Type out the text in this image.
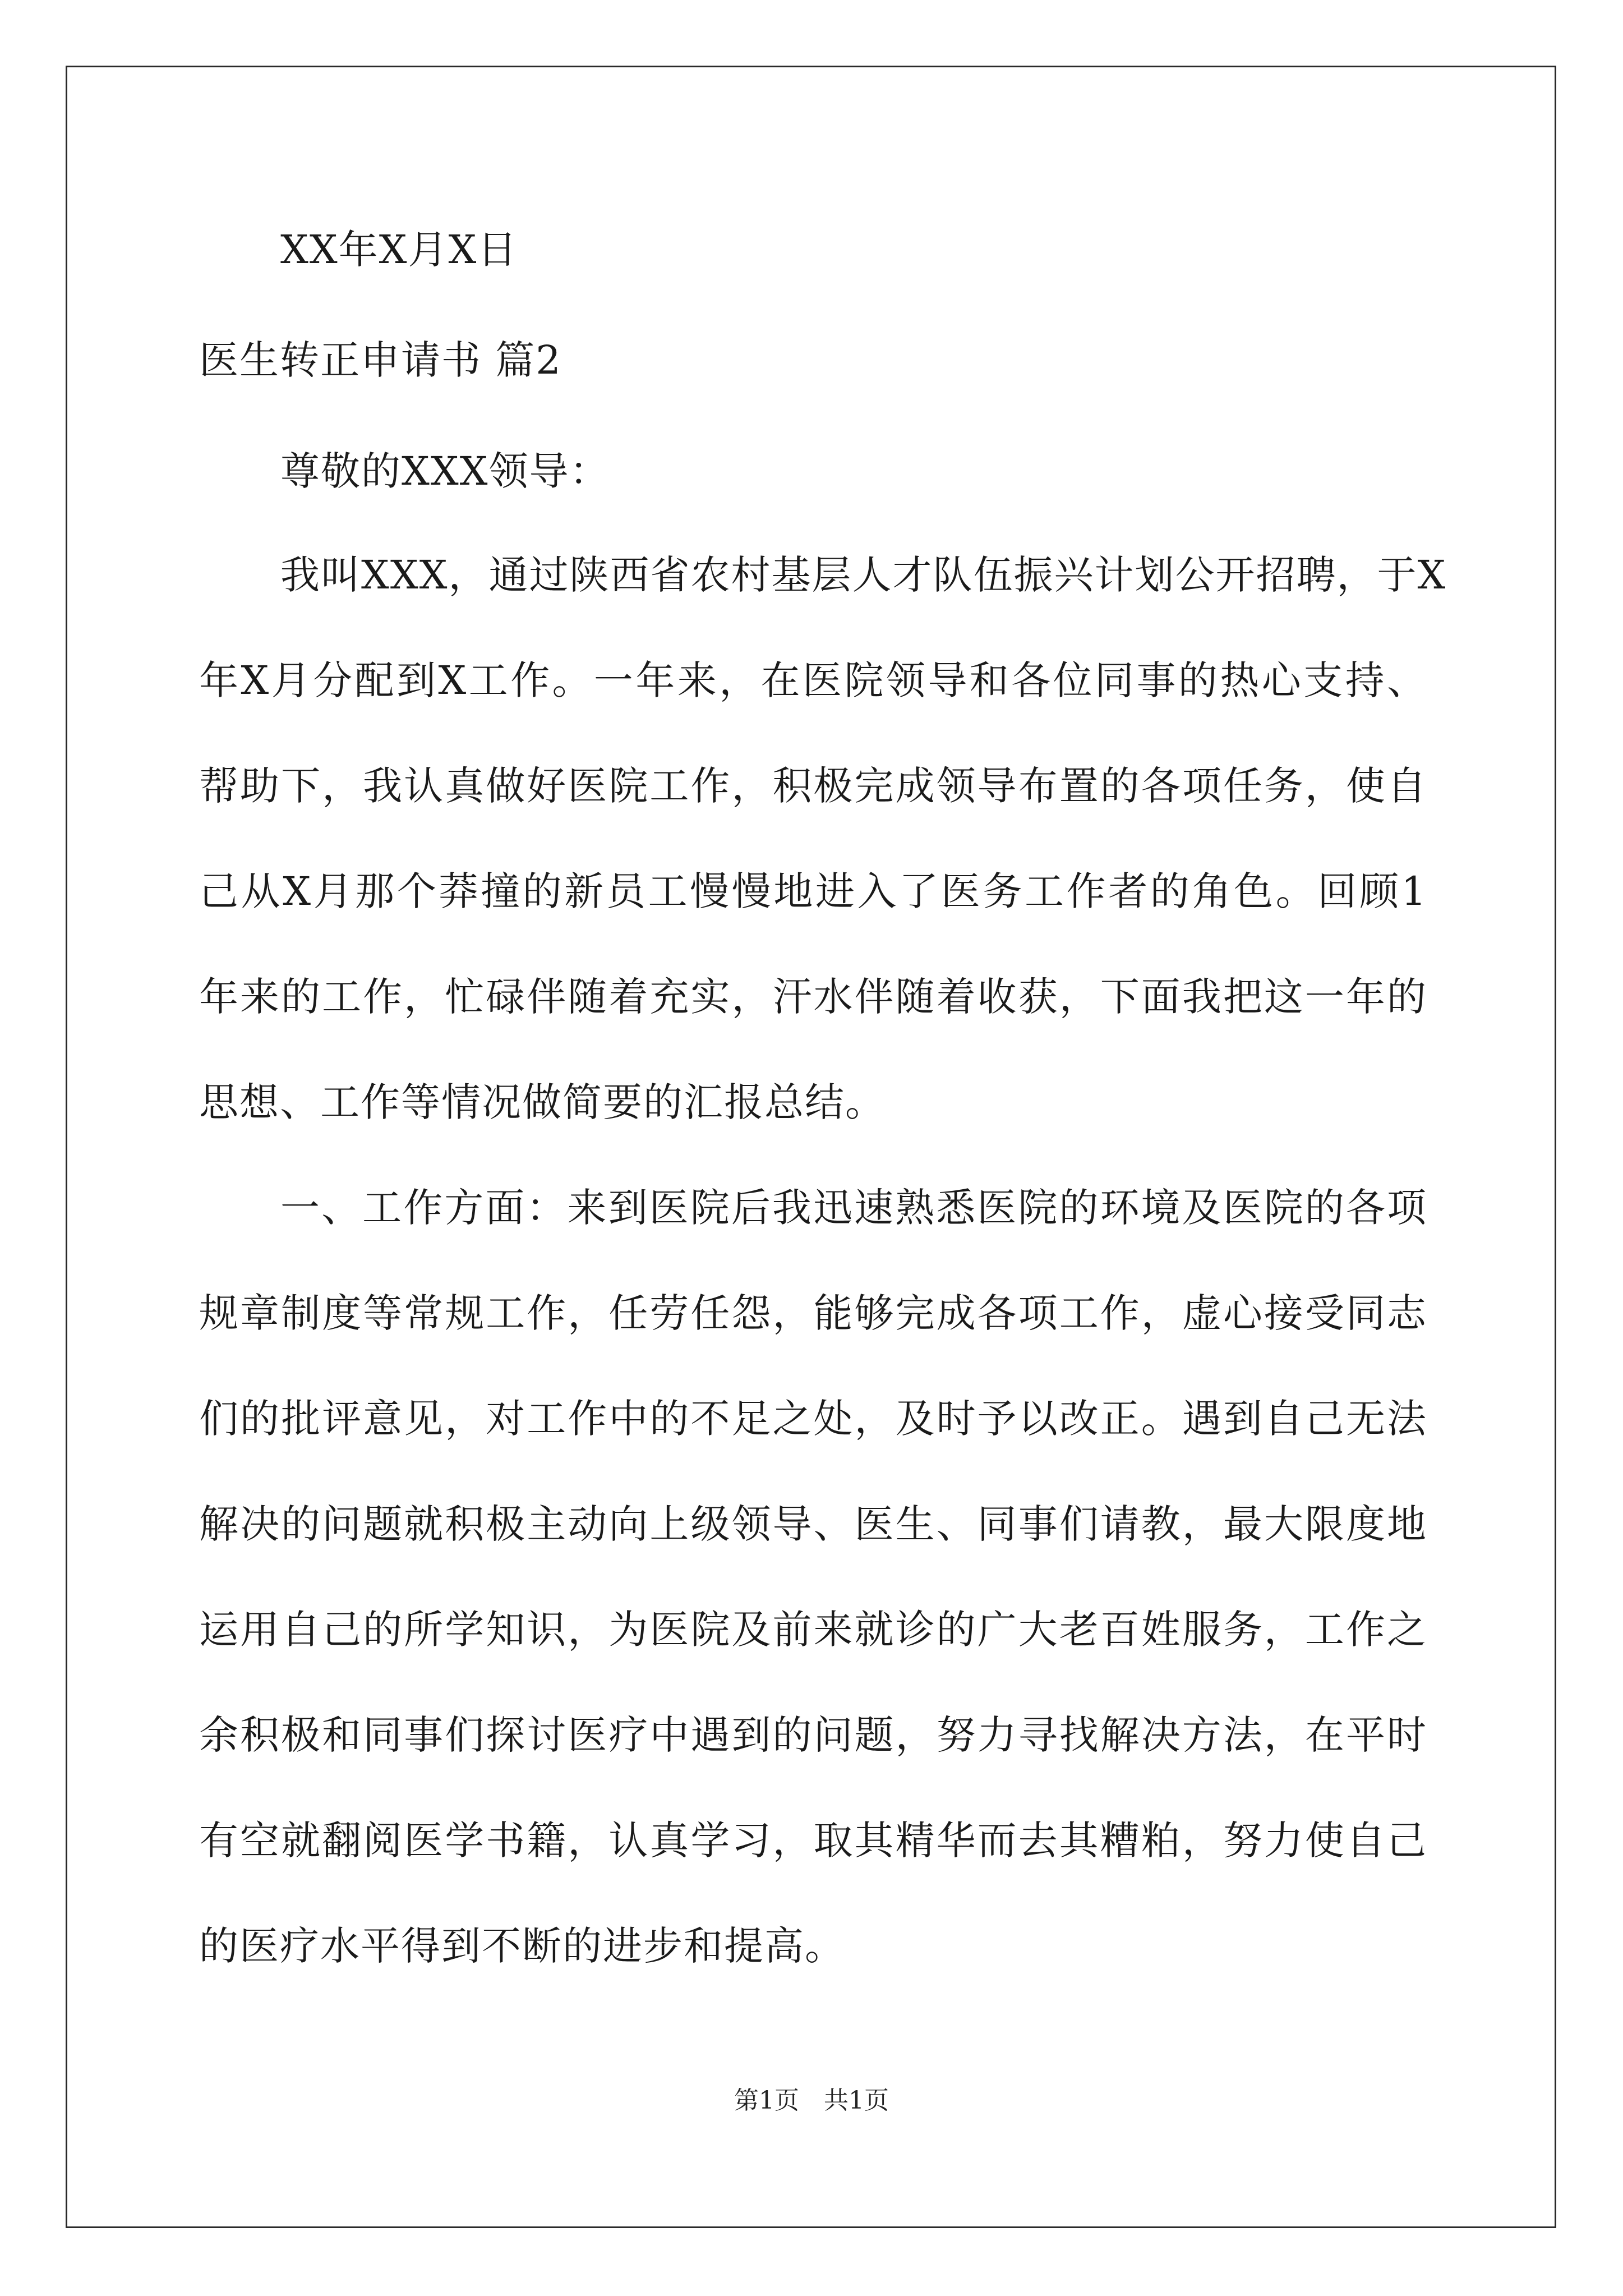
XX年X月X日
医生转正申请书 篇2
尊敬的XXX领导：
我叫XXX，通过陕西省农村基层人才队伍振兴计划公开招聘，于X
年X月分配到X工作。一年来，在医院领导和各位同事的热心支持、
帮助下，我认真做好医院工作，积极完成领导布置的各项任务，使自
己从X月那个莽撞的新员工慢慢地进入了医务工作者的角色。回顾1
年来的工作，忙碌伴随着充实，汗水伴随着收获，下面我把这一年的
思想、工作等情况做简要的汇报总结。
一、工作方面：来到医院后我迅速熟悉医院的环境及医院的各项
规章制度等常规工作，任劳任怨，能够完成各项工作，虚心接受同志
们的批评意见，对工作中的不足之处，及时予以改正。遇到自己无法
解决的问题就积极主动向上级领导、医生、同事们请教，最大限度地
运用自己的所学知识，为医院及前来就诊的广大老百姓服务，工作之
余积极和同事们探讨医疗中遇到的问题，努力寻找解决方法，在平时
有空就翻阅医学书籍，认真学习，取其精华而去其糟粕，努力使自己
的医疗水平得到不断的进步和提高。
第1页　共1页
